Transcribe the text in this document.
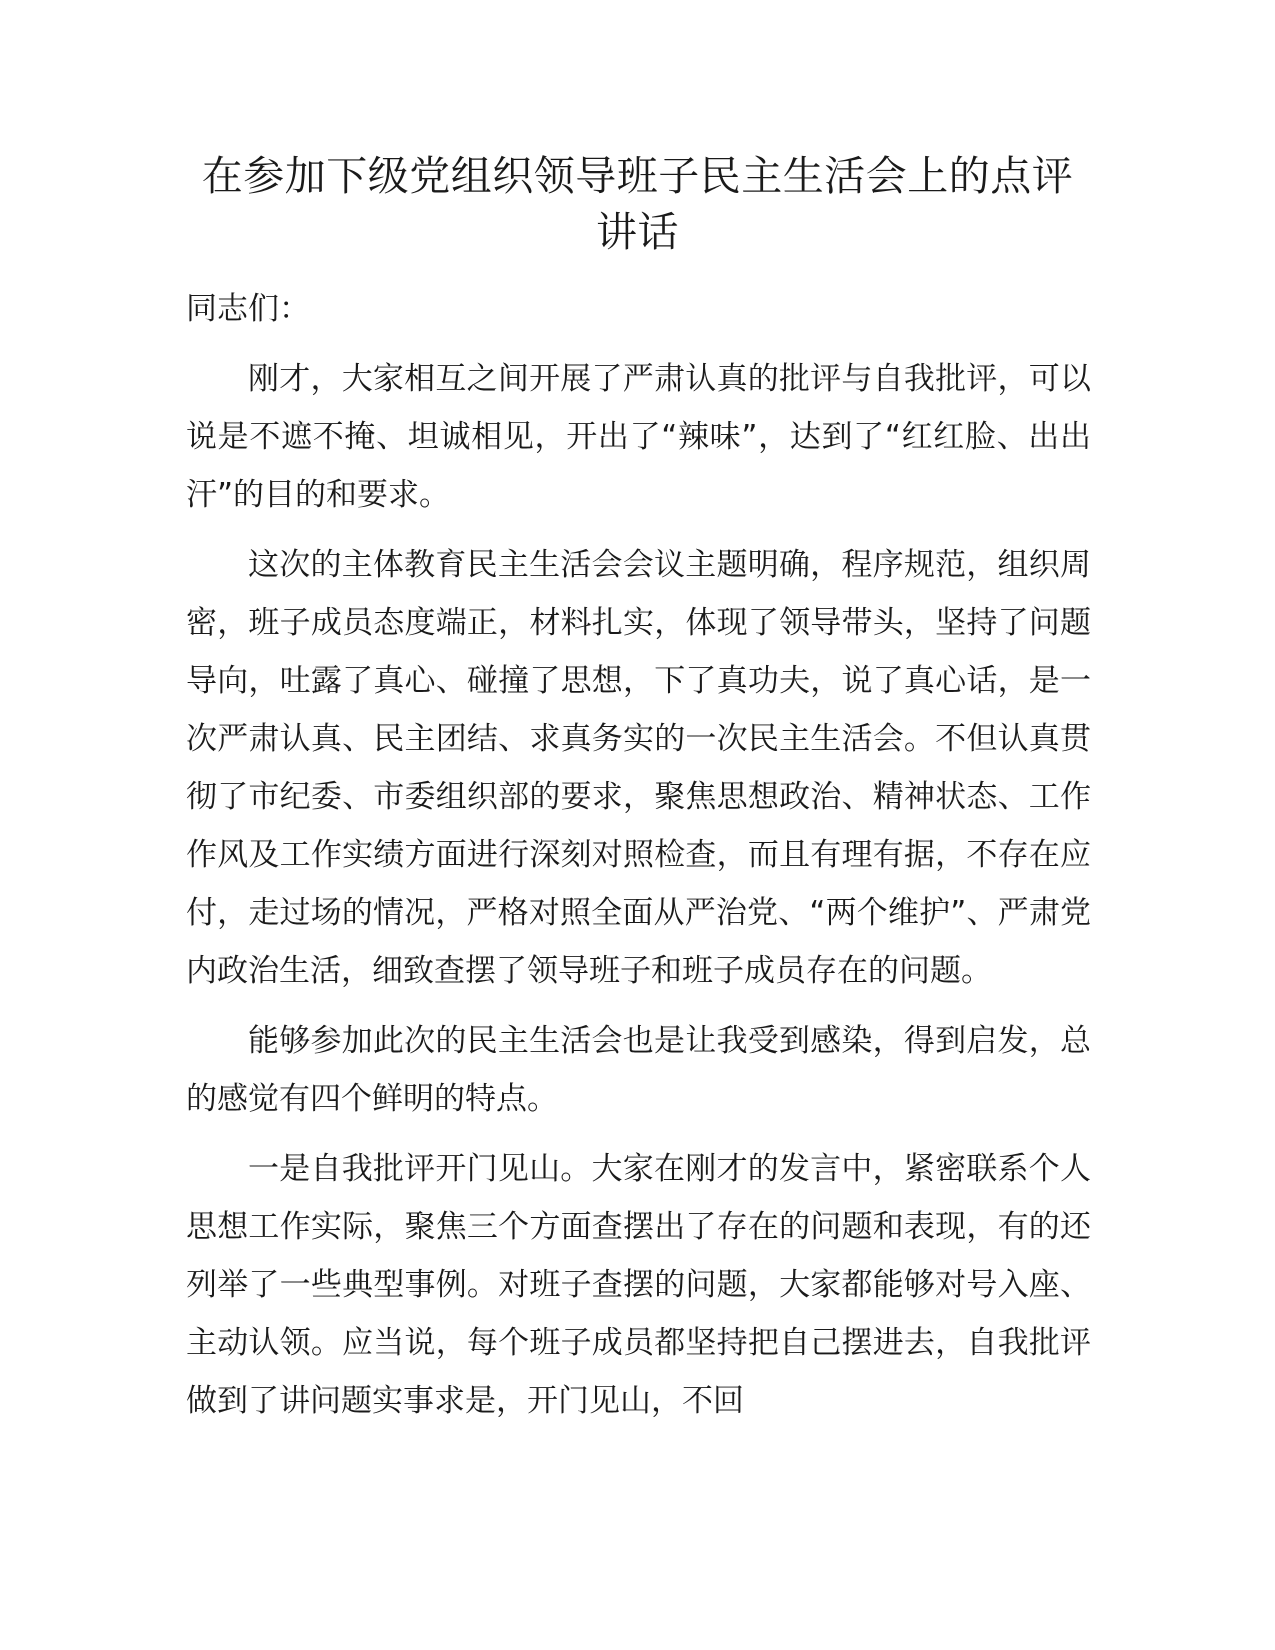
在参加下级党组织领导班子民主生活会上的点评讲话

同志们：

刚才，大家相互之间开展了严肃认真的批评与自我批评，可以说是不遮不掩、坦诚相见，开出了“辣味”，达到了“红红脸、出出汗”的目的和要求。

这次的主体教育民主生活会会议主题明确，程序规范，组织周密，班子成员态度端正，材料扎实，体现了领导带头，坚持了问题导向，吐露了真心、碰撞了思想，下了真功夫，说了真心话，是一次严肃认真、民主团结、求真务实的一次民主生活会。不但认真贯彻了市纪委、市委组织部的要求，聚焦思想政治、精神状态、工作作风及工作实绩方面进行深刻对照检查，而且有理有据，不存在应付，走过场的情况，严格对照全面从严治党、“两个维护”、严肃党内政治生活，细致查摆了领导班子和班子成员存在的问题。

能够参加此次的民主生活会也是让我受到感染，得到启发，总的感觉有四个鲜明的特点。

一是自我批评开门见山。大家在刚才的发言中，紧密联系个人思想工作实际，聚焦三个方面查摆出了存在的问题和表现，有的还列举了一些典型事例。对班子查摆的问题，大家都能够对号入座、主动认领。应当说，每个班子成员都坚持把自己摆进去，自我批评做到了讲问题实事求是，开门见山，不回
